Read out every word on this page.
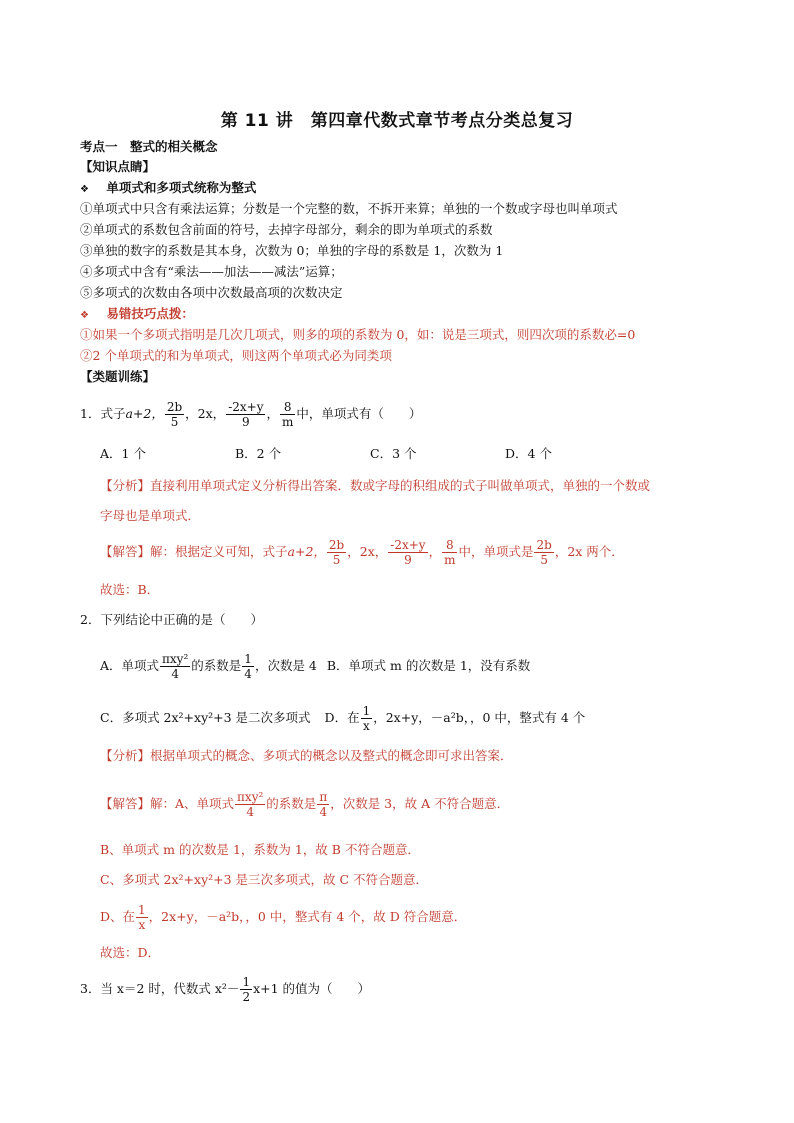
第 11 讲　第四章代数式章节考点分类总复习
考点一　整式的相关概念
【知识点睛】
❖ 单项式和多项式统称为整式
①单项式中只含有乘法运算；分数是一个完整的数，不拆开来算；单独的一个数或字母也叫单项式
②单项式的系数包含前面的符号，去掉字母部分，剩余的即为单项式的系数
③单独的数字的系数是其本身，次数为 0；单独的字母的系数是 1，次数为 1
④多项式中含有“乘法——加法——减法”运算；
⑤多项式的次数由各项中次数最高项的次数决定
❖ 易错技巧点拨：
①如果一个多项式指明是几次几项式，则多的项的系数为 0，如：说是三项式，则四次项的系数必=0
②2 个单项式的和为单项式，则这两个单项式必为同类项
【类题训练】
1．式子a+2， $\frac{2b}{5}$ ，2x， $\frac{-2x+y}{9}$ ， $\frac{8}{m}$ 中，单项式有（　　）
A．1 个	B．2 个	C．3 个	D．4 个
【分析】直接利用单项式定义分析得出答案．数或字母的积组成的式子叫做单项式，单独的一个数或
字母也是单项式．
【解答】解：根据定义可知，式子a+2， $\frac{2b}{5}$ ，2x， $\frac{-2x+y}{9}$ ， $\frac{8}{m}$ 中，单项式是 $\frac{2b}{5}$ ，2x 两个．
故选：B．
2．下列结论中正确的是（　　）
A．单项式 $\frac{\text{πxy²}}{4}$ 的系数是 $\frac{1}{4}$ ，次数是 4 B．单项式 m 的次数是 1，没有系数
C．多项式 2x²+xy²+3 是二次多项式 D．在 $\frac{1}{x}$ ，2x+y，－a²b，，0 中，整式有 4 个
【分析】根据单项式的概念、多项式的概念以及整式的概念即可求出答案．
【解答】解：A、单项式 $\frac{\text{πxy²}}{4}$ 的系数是 $\frac{\pi}{4}$ ，次数是 3，故 A 不符合题意．
B、单项式 m 的次数是 1，系数为 1，故 B 不符合题意．
C、多项式 2x²+xy²+3 是三次多项式，故 C 不符合题意．
D、在 $\frac{1}{x}$ ，2x+y，－a²b，，0 中，整式有 4 个，故 D 符合题意．
故选：D．
3．当 x＝2 时，代数式 $x^2- \frac{1}{2} x+1$ 的值为（　　）
